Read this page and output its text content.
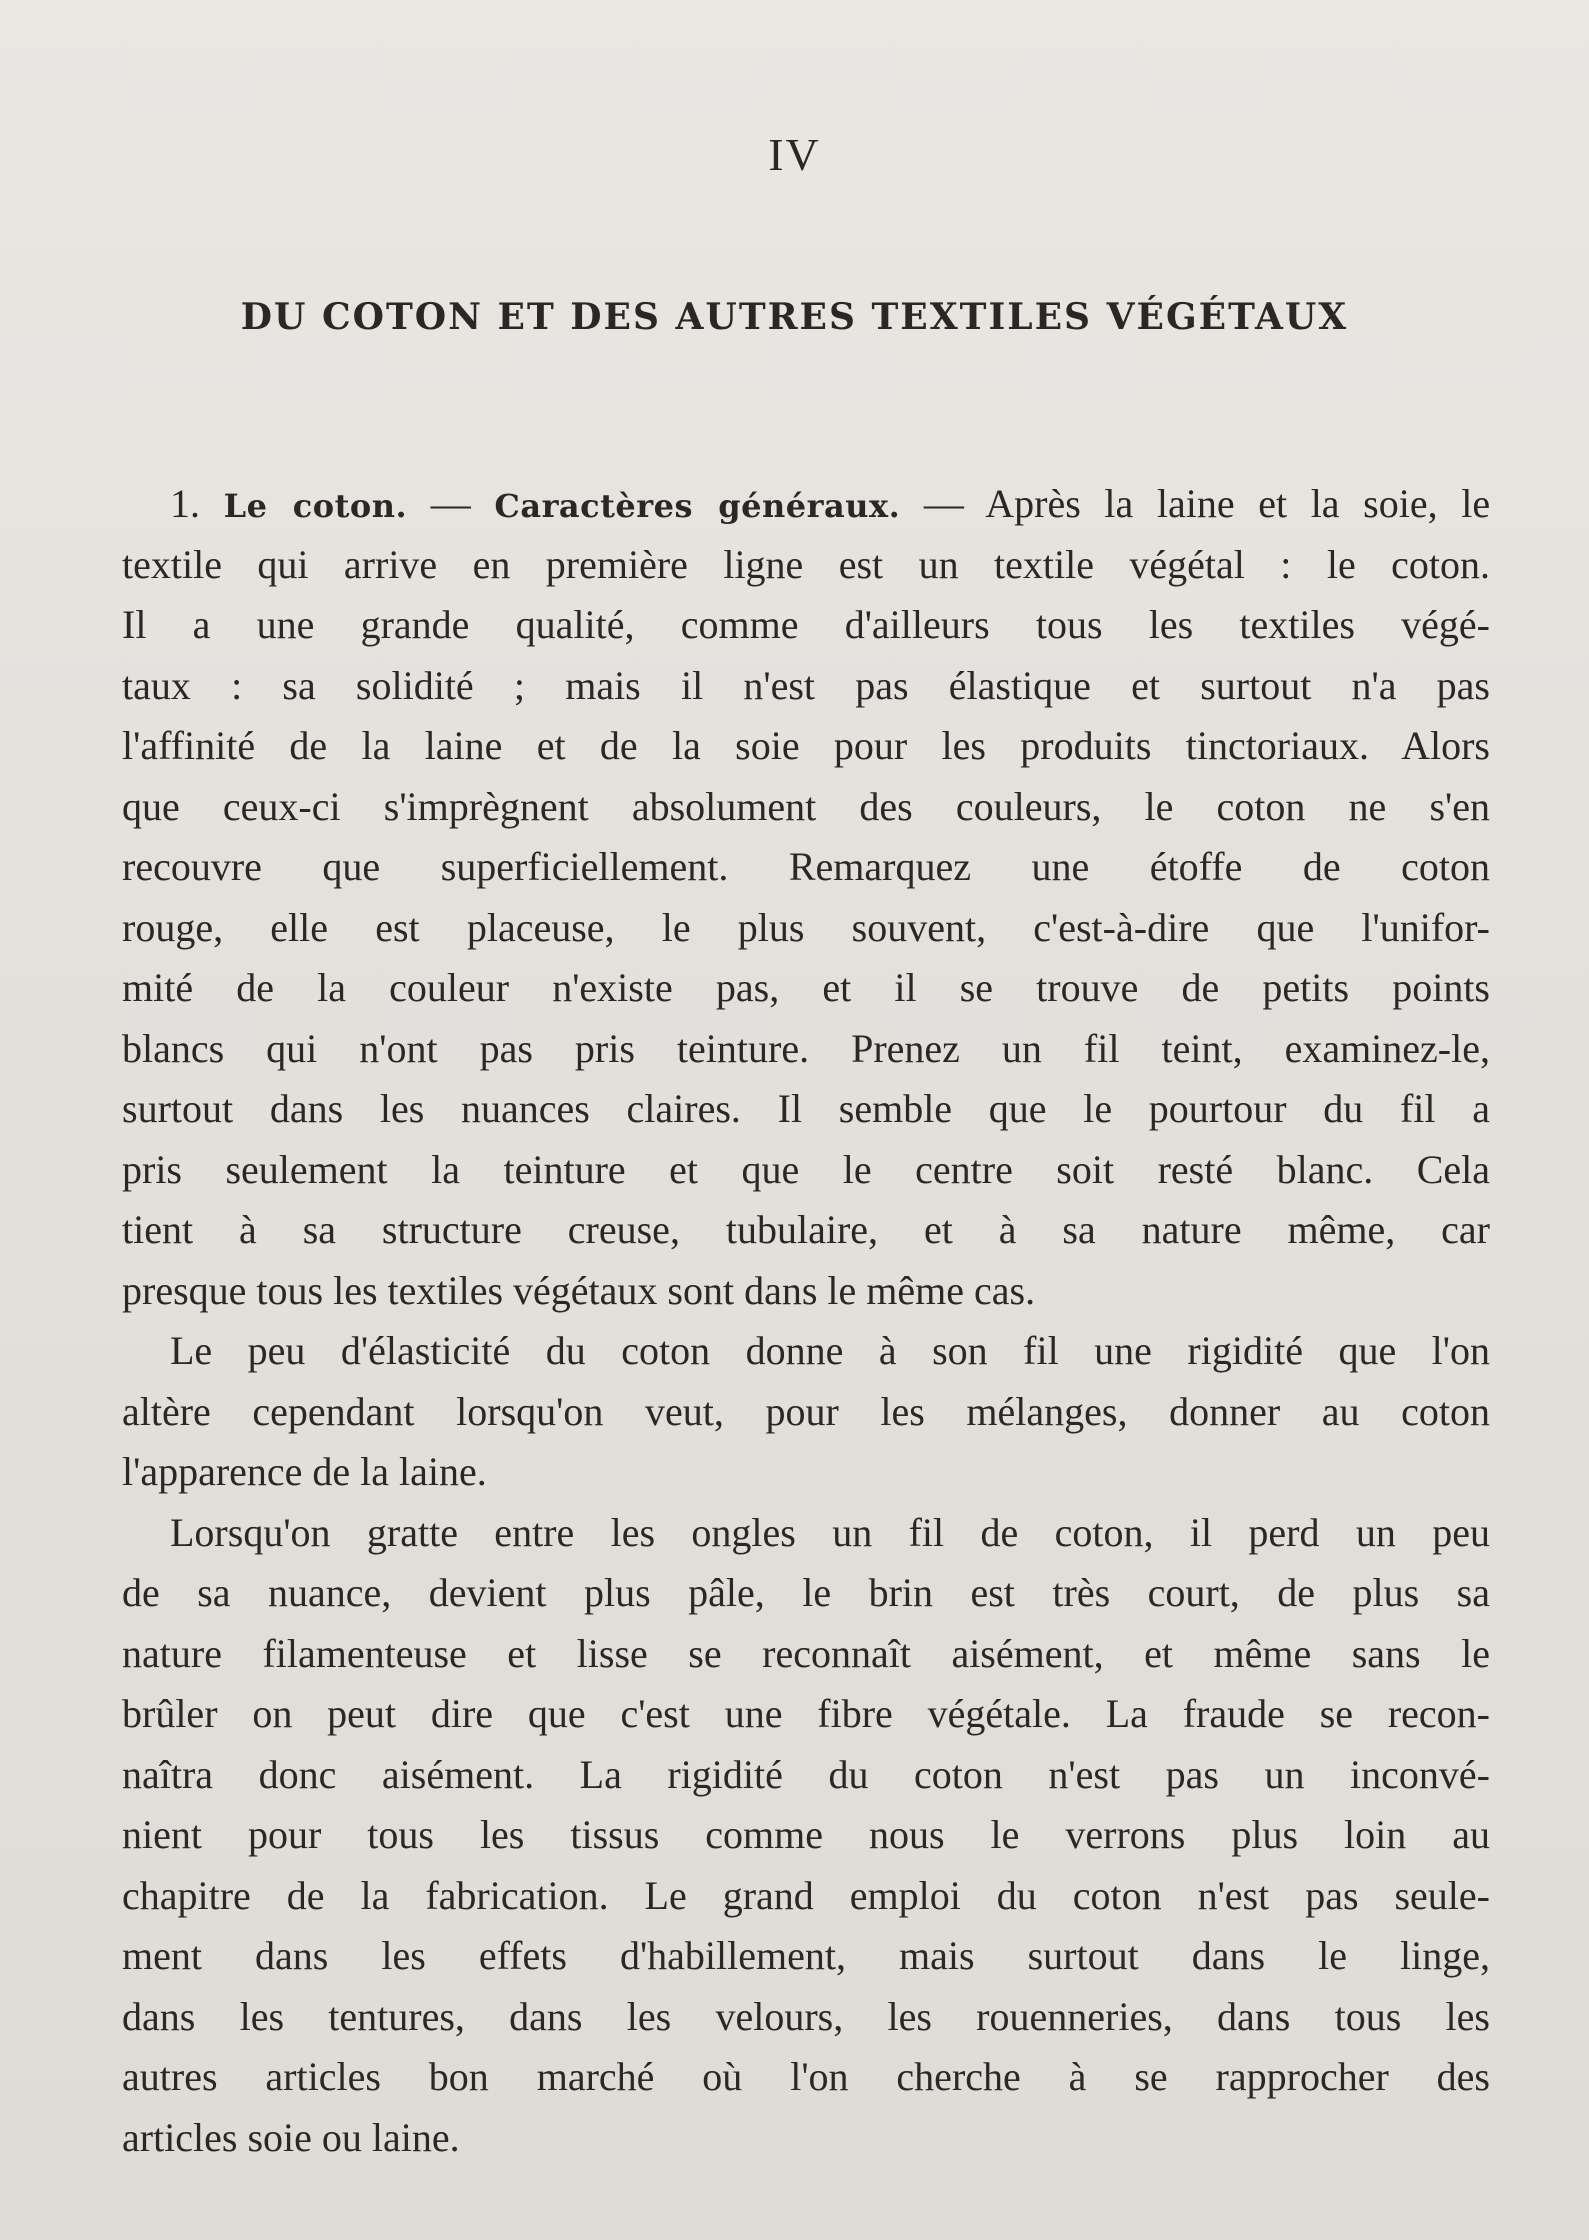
IV
DU COTON ET DES AUTRES TEXTILES VÉGÉTAUX
1. Le coton. — Caractères généraux. — Après la laine et la soie, le
textile qui arrive en première ligne est un textile végétal : le coton.
Il a une grande qualité, comme d'ailleurs tous les textiles végé-
taux : sa solidité ; mais il n'est pas élastique et surtout n'a pas
l'affinité de la laine et de la soie pour les produits tinctoriaux. Alors
que ceux-ci s'imprègnent absolument des couleurs, le coton ne s'en
recouvre que superficiellement. Remarquez une étoffe de coton
rouge, elle est placeuse, le plus souvent, c'est-à-dire que l'unifor-
mité de la couleur n'existe pas, et il se trouve de petits points
blancs qui n'ont pas pris teinture. Prenez un fil teint, examinez-le,
surtout dans les nuances claires. Il semble que le pourtour du fil a
pris seulement la teinture et que le centre soit resté blanc. Cela
tient à sa structure creuse, tubulaire, et à sa nature même, car
presque tous les textiles végétaux sont dans le même cas.
Le peu d'élasticité du coton donne à son fil une rigidité que l'on
altère cependant lorsqu'on veut, pour les mélanges, donner au coton
l'apparence de la laine.
Lorsqu'on gratte entre les ongles un fil de coton, il perd un peu
de sa nuance, devient plus pâle, le brin est très court, de plus sa
nature filamenteuse et lisse se reconnaît aisément, et même sans le
brûler on peut dire que c'est une fibre végétale. La fraude se recon-
naîtra donc aisément. La rigidité du coton n'est pas un inconvé-
nient pour tous les tissus comme nous le verrons plus loin au
chapitre de la fabrication. Le grand emploi du coton n'est pas seule-
ment dans les effets d'habillement, mais surtout dans le linge,
dans les tentures, dans les velours, les rouenneries, dans tous les
autres articles bon marché où l'on cherche à se rapprocher des
articles soie ou laine.
